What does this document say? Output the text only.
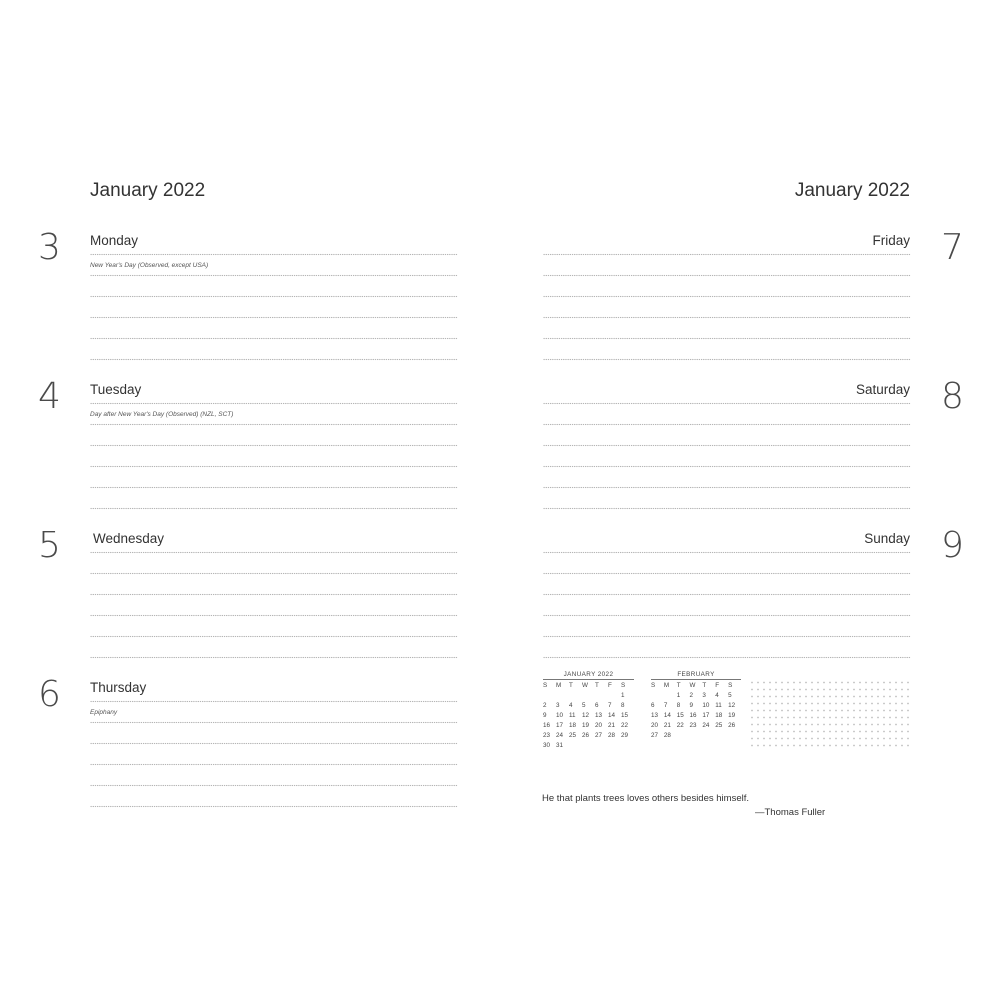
January 2022
3 Monday
New Year's Day (Observed, except USA)
4 Tuesday
Day after New Year's Day (Observed) (NZL, SCT)
5 Wednesday
6 Thursday
Epiphany
January 2022
7
Friday
8
Saturday
9
Sunday
JANUARY 2022
S	M	T	W	T	F	S
						1
2	3	4	5	6	7	8
9	10	11	12	13	14	15
16	17	18	19	20	21	22
23	24	25	26	27	28	29
30	31					
FEBRUARY
S	M	T	W	T	F	S
		1	2	3	4	5
6	7	8	9	10	11	12
13	14	15	16	17	18	19
20	21	22	23	24	25	26
27	28					
He that plants trees loves others besides himself.
—Thomas Fuller
